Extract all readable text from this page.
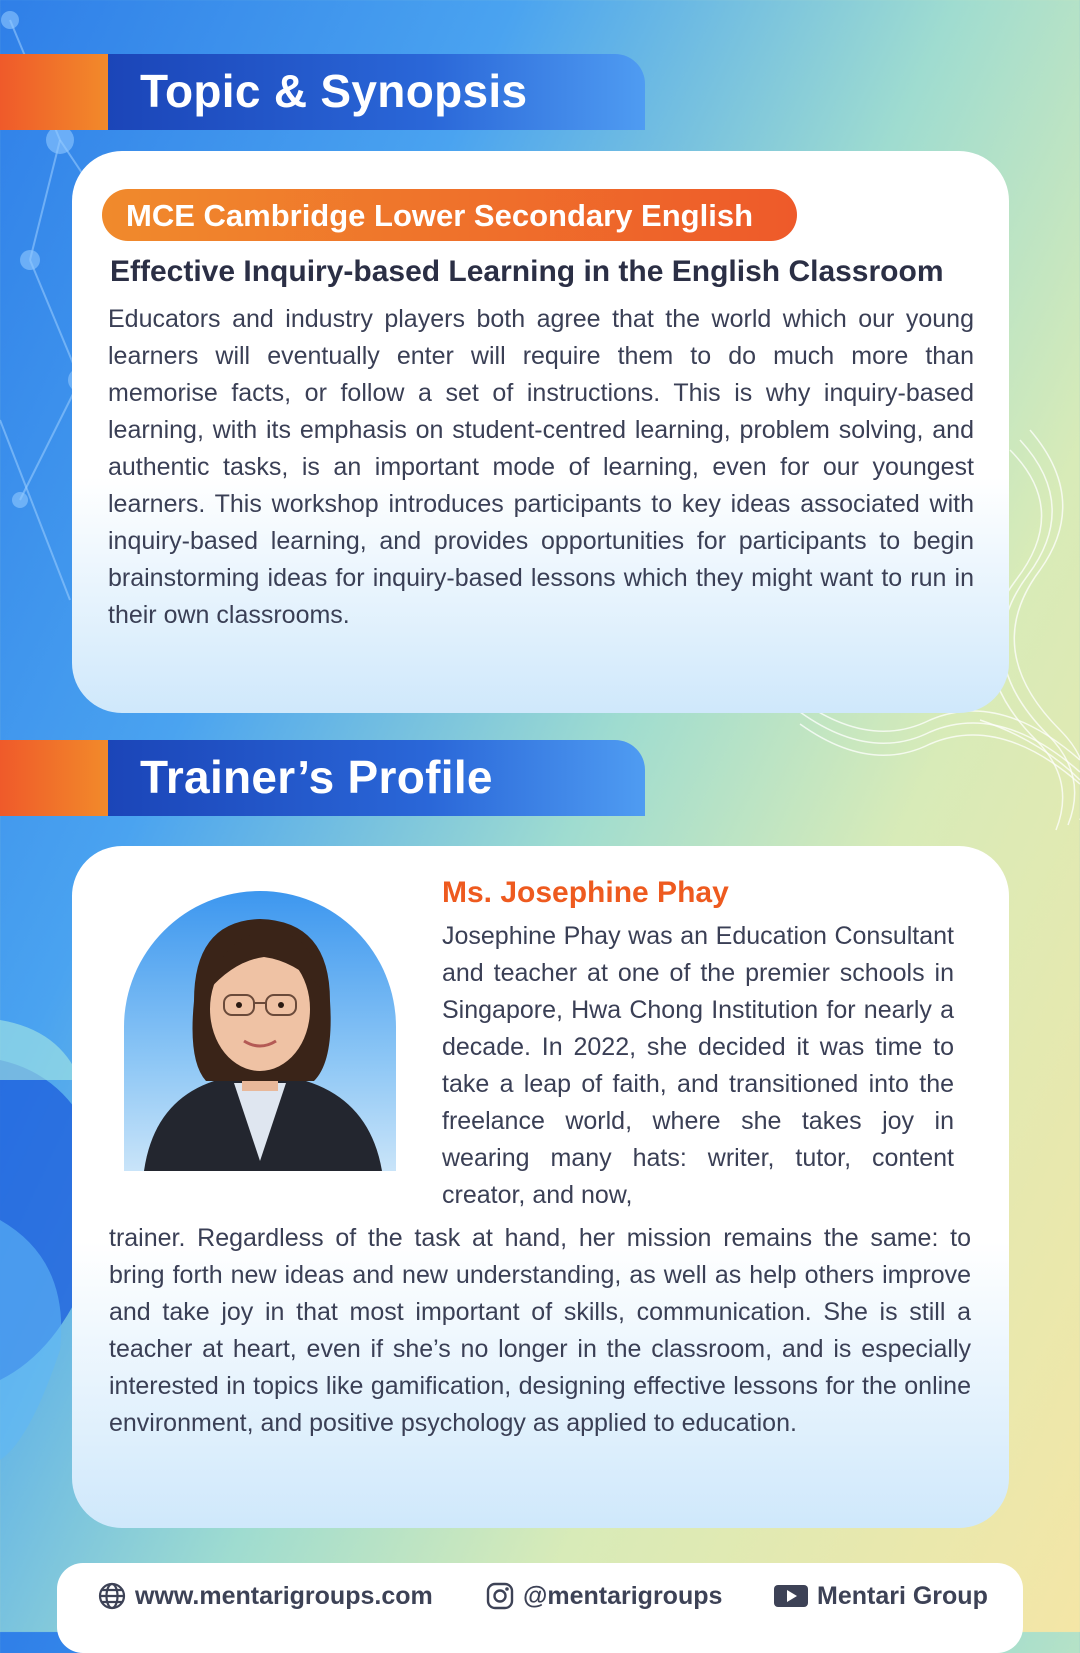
Topic & Synopsis
MCE Cambridge Lower Secondary English
Effective Inquiry-based Learning in the English Classroom

Educators and industry players both agree that the world which our young learners will eventually enter will require them to do much more than memorise facts, or follow a set of instructions. This is why inquiry-based learning, with its emphasis on student-centred learning, problem solving, and authentic tasks, is an important mode of learning, even for our youngest learners. This workshop introduces participants to key ideas associated with inquiry-based learning, and provides opportunities for participants to begin brainstorming ideas for inquiry-based lessons which they might want to run in their own classrooms.

Trainer’s Profile
Ms. Josephine Phay

Josephine Phay was an Education Consultant and teacher at one of the premier schools in Singapore, Hwa Chong Institution for nearly a decade. In 2022, she decided it was time to take a leap of faith, and transitioned into the freelance world, where she takes joy in wearing many hats: writer, tutor, content creator, and now,

trainer. Regardless of the task at hand, her mission remains the same: to bring forth new ideas and new understanding, as well as help others improve and take joy in that most important of skills, communication. She is still a teacher at heart, even if she’s no longer in the classroom, and is especially interested in topics like gamification, designing effective lessons for the online environment, and positive psychology as applied to education.

www.mentarigroups.com	@mentarigroups	Mentari Group
